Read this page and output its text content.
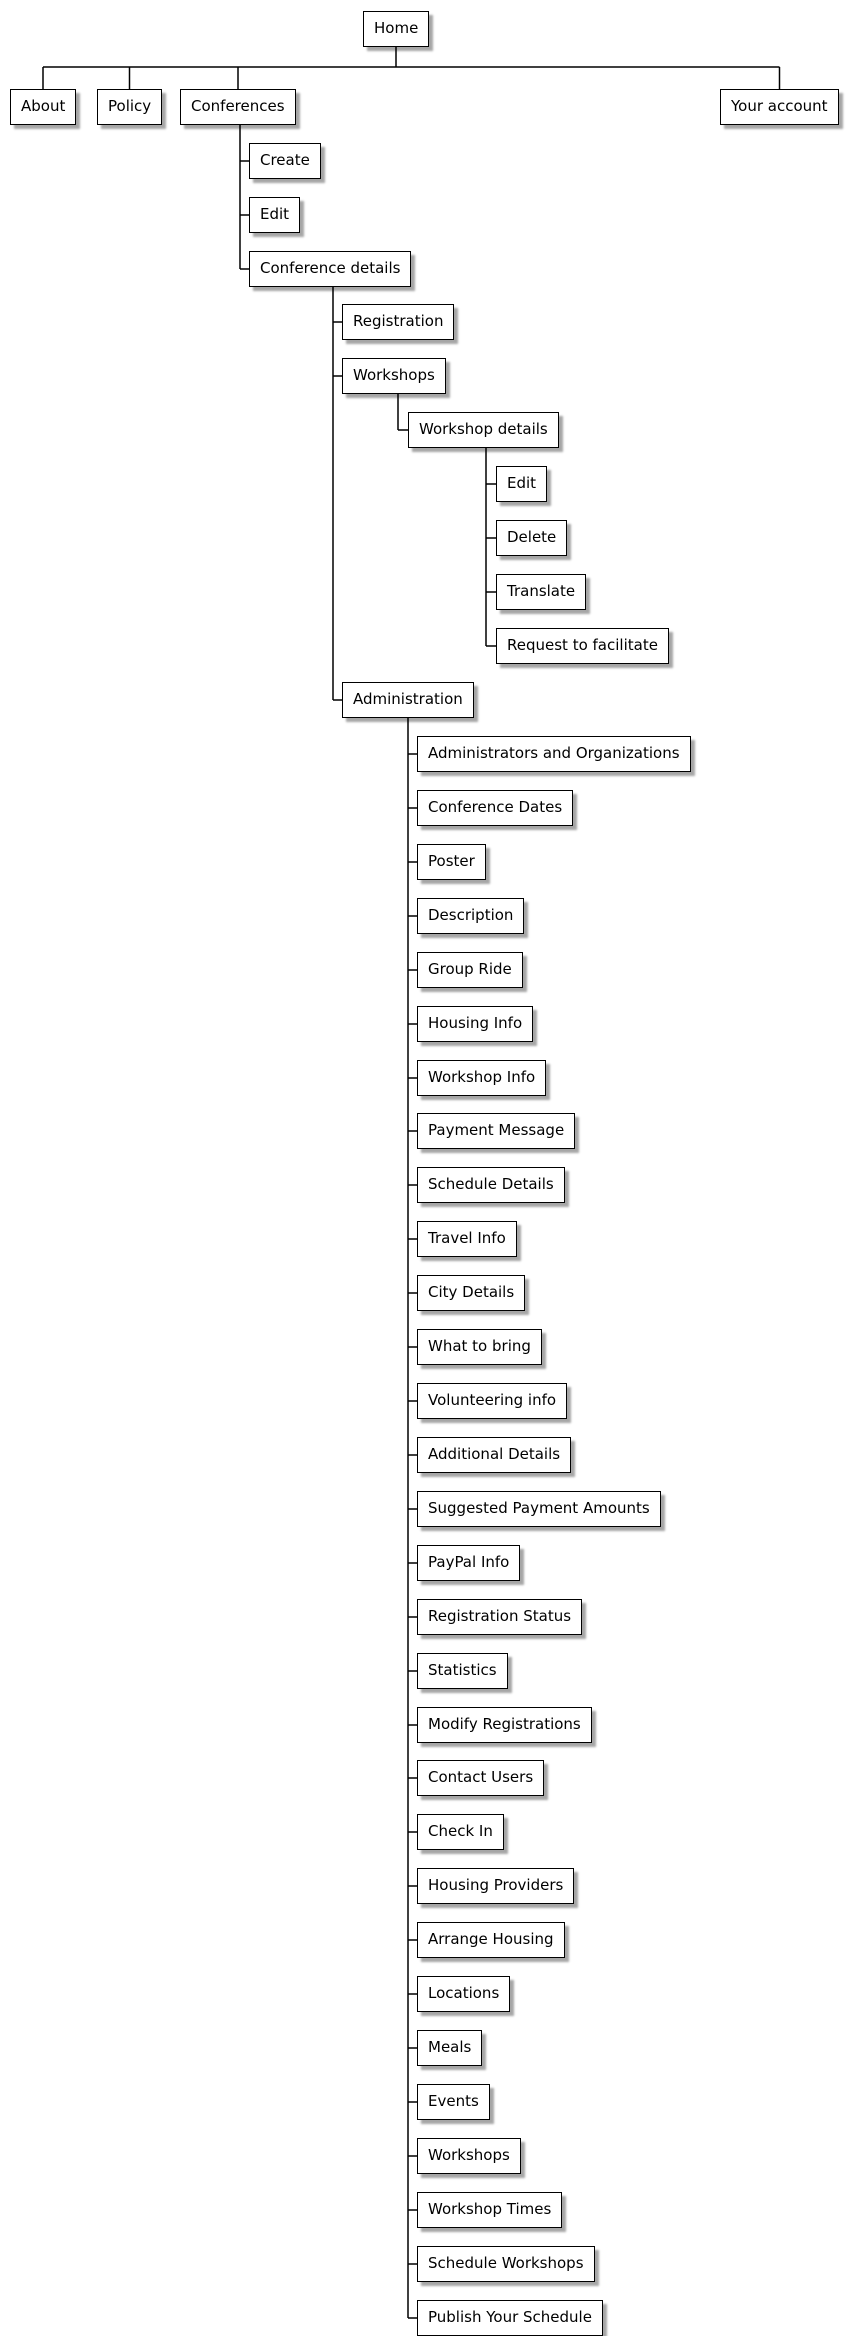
Home
About	Policy	Conferences	Your account
Create
Edit
Conference details
Registration
Workshops
Workshop details
Edit
Delete
Translate
Request to facilitate
Administration
Administrators and Organizations
Conference Dates
Poster
Description
Group Ride
Housing Info
Workshop Info
Payment Message
Schedule Details
Travel Info
City Details
What to bring
Volunteering info
Additional Details
Suggested Payment Amounts
PayPal Info
Registration Status
Statistics
Modify Registrations
Contact Users
Check In
Housing Providers
Arrange Housing
Locations
Meals
Events
Workshops
Workshop Times
Schedule Workshops
Publish Your Schedule
